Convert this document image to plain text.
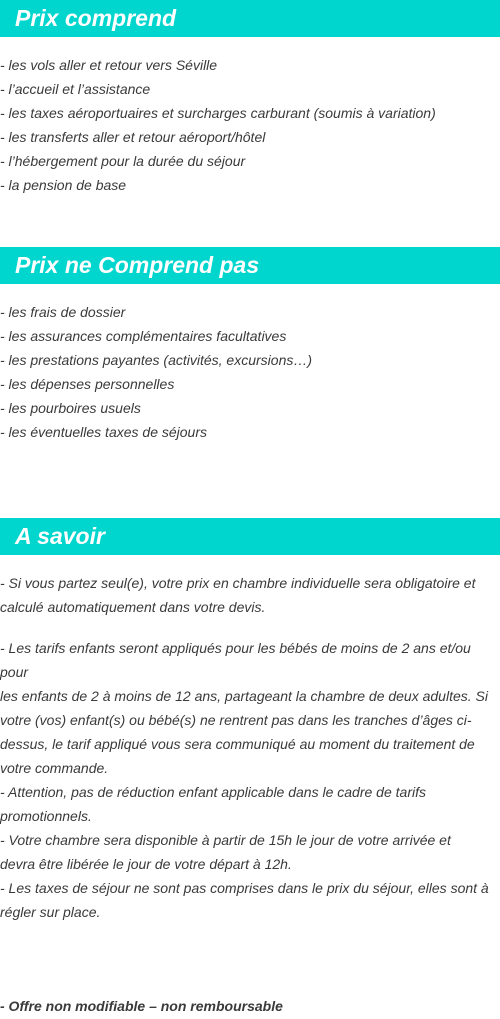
Prix comprend
- les vols aller et retour vers Séville
- l’accueil et l’assistance
- les taxes aéroportuaires et surcharges carburant (soumis à variation)
- les transferts aller et retour aéroport/hôtel
- l’hébergement pour la durée du séjour
- la pension de base
Prix ne Comprend pas
- les frais de dossier
- les assurances complémentaires facultatives
- les prestations payantes (activités, excursions…)
- les dépenses personnelles
- les pourboires usuels
- les éventuelles taxes de séjours
A savoir
- Si vous partez seul(e), votre prix en chambre individuelle sera obligatoire et
calculé automatiquement dans votre devis.
- Les tarifs enfants seront appliqués pour les bébés de moins de 2 ans et/ou pour
les enfants de 2 à moins de 12 ans, partageant la chambre de deux adultes. Si
votre (vos) enfant(s) ou bébé(s) ne rentrent pas dans les tranches d’âges ci-
dessus, le tarif appliqué vous sera communiqué au moment du traitement de
votre commande.
- Attention, pas de réduction enfant applicable dans le cadre de tarifs
promotionnels.
- Votre chambre sera disponible à partir de 15h le jour de votre arrivée et
devra être libérée le jour de votre départ à 12h.
- Les taxes de séjour ne sont pas comprises dans le prix du séjour, elles sont à
régler sur place.

- Offre non modifiable – non remboursable
